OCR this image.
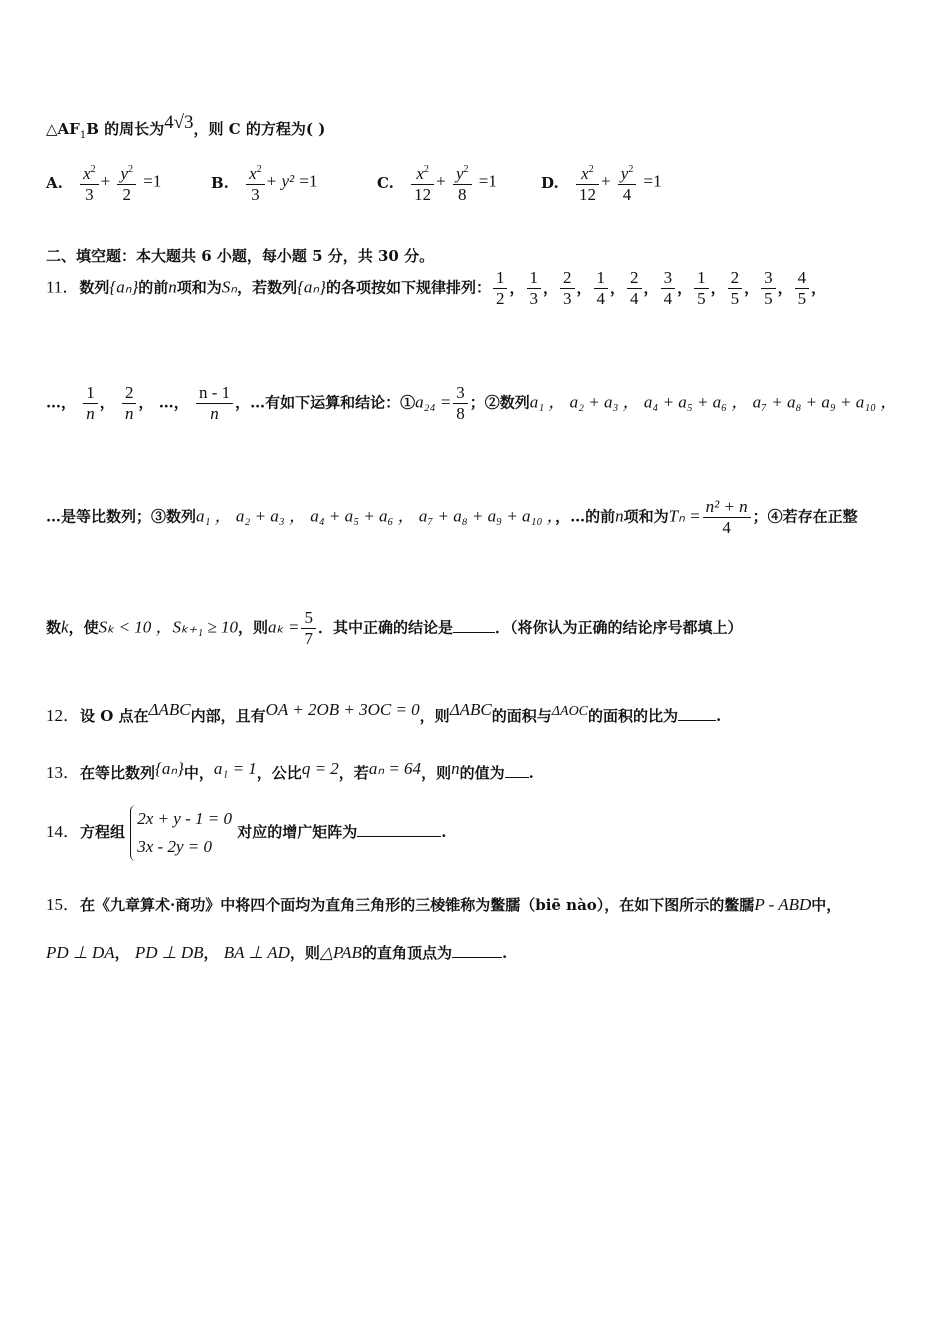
$\triangle AF_1B$ 的周长为4√3，则 C 的方程为( )
A. $\frac{x^2}{3} + \frac{y^2}{2} =1$	B. $\frac{x^2}{3} + y^2 =1$	C. $\frac{x^2}{12} + \frac{y^2}{8} =1$	D. $\frac{x^2}{12} + \frac{y^2}{4} =1$
二、填空题：本大题共 6 小题，每小题 5 分，共 30 分。
11．数列{aₙ}的前n项和为Sₙ，若数列{aₙ}的各项按如下规律排列： $\frac{1}{2}$ ， $\frac{1}{3}$ ， $\frac{2}{3}$ ， $\frac{1}{4}$ ， $\frac{2}{4}$ ， $\frac{3}{4}$ ， $\frac{1}{5}$ ， $\frac{2}{5}$ ， $\frac{3}{5}$ ， $\frac{4}{5}$ ，
…， $\frac{1}{n}$ ， $\frac{2}{n}$ ， …， $\frac{n - 1}{n}$ ，…有如下运算和结论：①a₂₄ = $\frac{3}{8}$ ；②数列a₁ ， a₂ + a₃ ， a₄ + a₅ + a₆ ， a₇ + a₈ + a₉ + a₁₀ ，
…是等比数列；③数列a₁ ， a₂ + a₃ ， a₄ + a₅ + a₆ ， a₇ + a₈ + a₉ + a₁₀ ，，…的前n项和为$T_n = \frac{\text{n² + n}}{4}$ ；④若存在正整
数k，使Sₖ < 10 ，Sₖ₊₁ ≥ 10，则$a_k = \frac{5}{7}$ ．其中正确的结论是	．（将你认为正确的结论序号都填上）
12．设 O 点在ΔABC内部，且有OA + 2OB + 3OC = 0，则ΔABC的面积与ΔAOC的面积的比为	.
13．在等比数列{aₙ}中，a₁ = 1，公比q = 2，若aₙ = 64，则n的值为 .
14．方程组
2x + y - 1 = 0
3x - 2y = 0
对应的增广矩阵为	.
15．在《九章算术·商功》中将四个面均为直角三角形的三棱锥称为鳖臑（biē nào），在如下图所示的鳖臑P - ABD中，
PD ⊥ DA， PD ⊥ DB， BA ⊥ AD，则△PAB的直角顶点为	.
